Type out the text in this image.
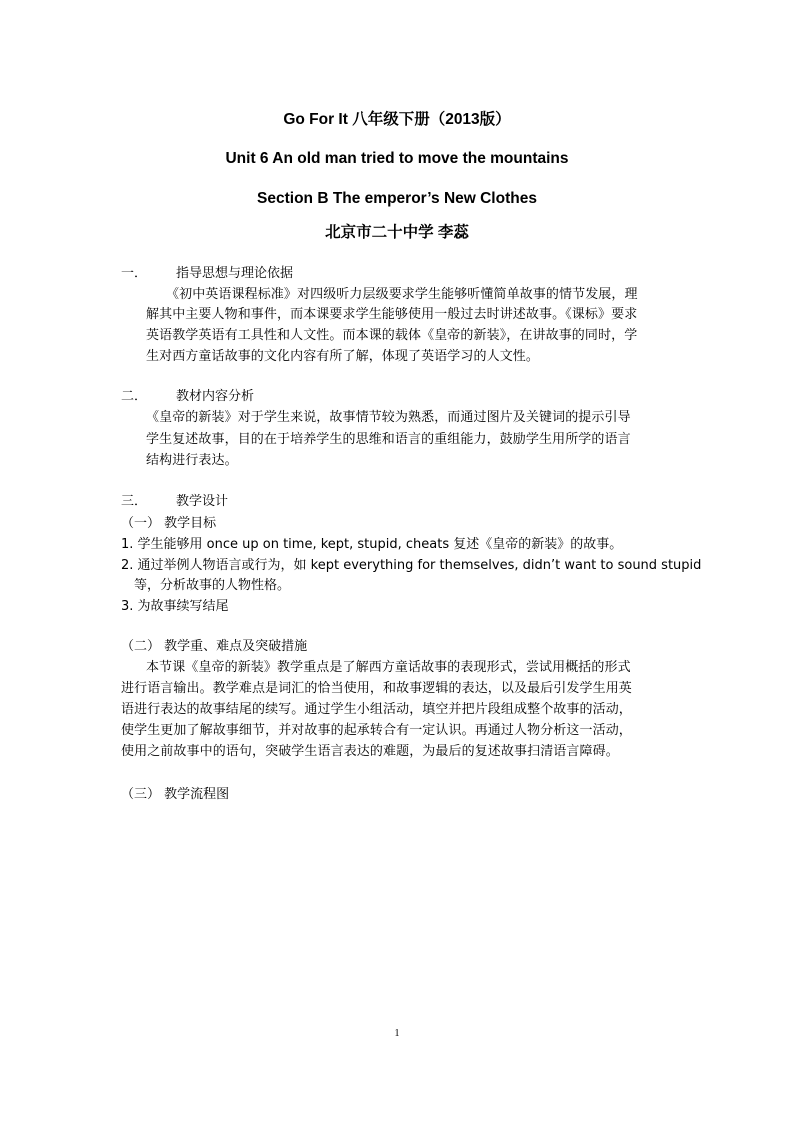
Go For It 八年级下册（2013版）
Unit 6 An old man tried to move the mountains
Section B The emperor’s New Clothes
北京市二十中学 李蕊
一． 指导思想与理论依据
《初中英语课程标准》对四级听力层级要求学生能够听懂简单故事的情节发展，理
解其中主要人物和事件，而本课要求学生能够使用一般过去时讲述故事。《课标》要求
英语教学英语有工具性和人文性。而本课的载体《皇帝的新装》，在讲故事的同时，学
生对西方童话故事的文化内容有所了解，体现了英语学习的人文性。
二． 教材内容分析
《皇帝的新装》对于学生来说，故事情节较为熟悉，而通过图片及关键词的提示引导
学生复述故事，目的在于培养学生的思维和语言的重组能力，鼓励学生用所学的语言
结构进行表达。
三． 教学设计
（一） 教学目标
1. 学生能够用 once up on time, kept, stupid, cheats 复述《皇帝的新装》的故事。
2. 通过举例人物语言或行为，如 kept everything for themselves, didn’t want to sound stupid
等，分析故事的人物性格。
3. 为故事续写结尾
（二） 教学重、难点及突破措施
本节课《皇帝的新装》教学重点是了解西方童话故事的表现形式，尝试用概括的形式
进行语言输出。教学难点是词汇的恰当使用，和故事逻辑的表达，以及最后引发学生用英
语进行表达的故事结尾的续写。通过学生小组活动，填空并把片段组成整个故事的活动，
使学生更加了解故事细节，并对故事的起承转合有一定认识。再通过人物分析这一活动，
使用之前故事中的语句，突破学生语言表达的难题，为最后的复述故事扫清语言障碍。
（三） 教学流程图
1
